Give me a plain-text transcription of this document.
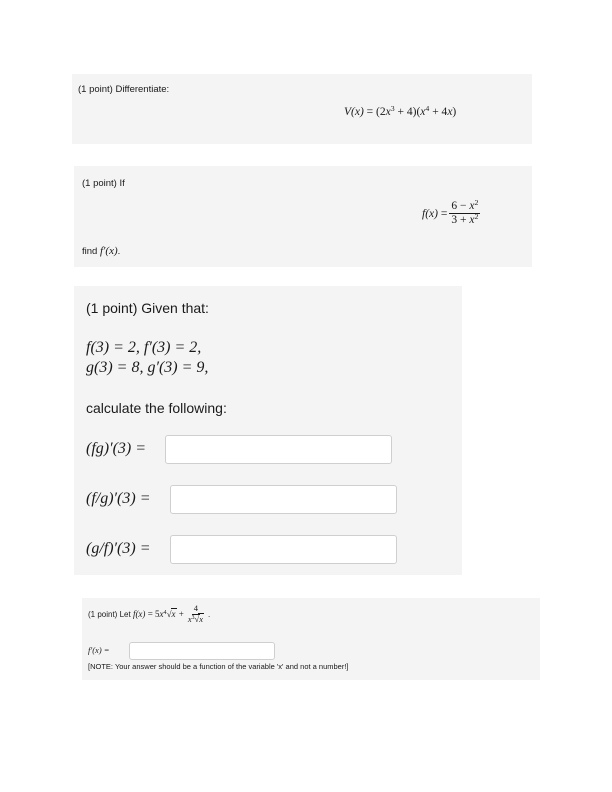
(1 point) Differentiate:
$V(x) = (2x^3 + 4)(x^4 + 4x)$
(1 point) If
$f(x) = \frac{6 - x^2}{3 + x^2}$
find f′(x).
(1 point) Given that:
f(3) = 2, f′(3) = 2,
g(3) = 8, g′(3) = 9,
calculate the following:
(fg)′(3) =
(f/g)′(3) =
(g/f)′(3) =
(1 point) Let
$f(x) = 5x^4√x + \frac{4}{x^3√x}$ .
f′(x) =
[NOTE: Your answer should be a function of the variable 'x' and not a number!]
